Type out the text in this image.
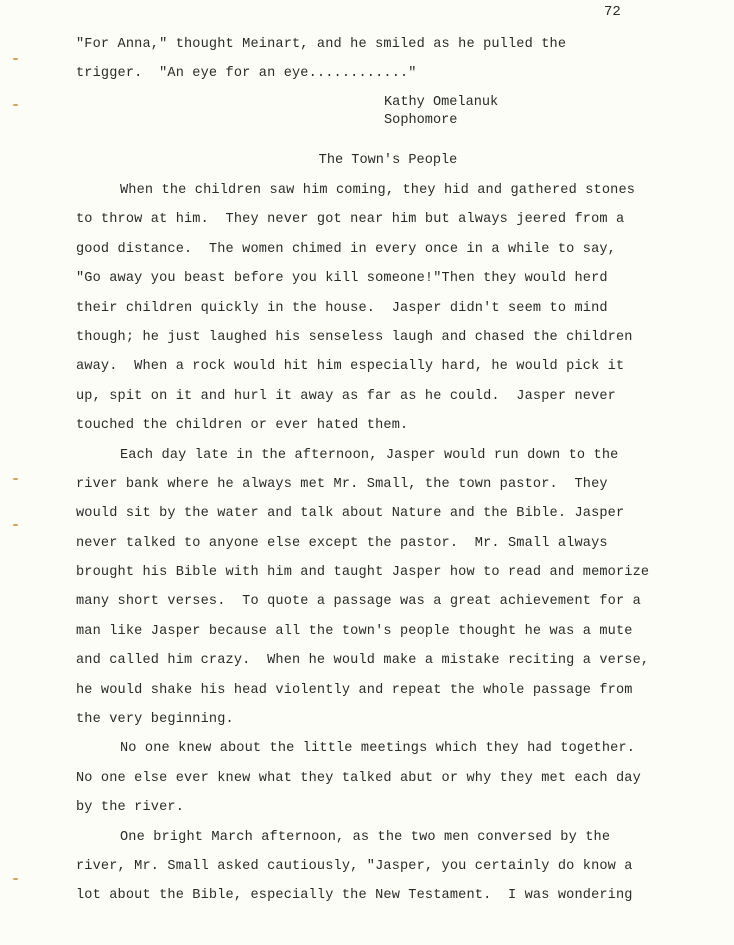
72
"For Anna," thought Meinart, and he smiled as he pulled the
trigger.  "An eye for an eye............"
Kathy Omelanuk
Sophomore
The Town's People
When the children saw him coming, they hid and gathered stones
to throw at him.  They never got near him but always jeered from a
good distance.  The women chimed in every once in a while to say,
"Go away you beast before you kill someone!"Then they would herd
their children quickly in the house.  Jasper didn't seem to mind
though; he just laughed his senseless laugh and chased the children
away.  When a rock would hit him especially hard, he would pick it
up, spit on it and hurl it away as far as he could.  Jasper never
touched the children or ever hated them.
Each day late in the afternoon, Jasper would run down to the
river bank where he always met Mr. Small, the town pastor.  They
would sit by the water and talk about Nature and the Bible. Jasper
never talked to anyone else except the pastor.  Mr. Small always
brought his Bible with him and taught Jasper how to read and memorize
many short verses.  To quote a passage was a great achievement for a
man like Jasper because all the town's people thought he was a mute
and called him crazy.  When he would make a mistake reciting a verse,
he would shake his head violently and repeat the whole passage from
the very beginning.
No one knew about the little meetings which they had together.
No one else ever knew what they talked abut or why they met each day
by the river.
One bright March afternoon, as the two men conversed by the
river, Mr. Small asked cautiously, "Jasper, you certainly do know a
lot about the Bible, especially the New Testament.  I was wondering
